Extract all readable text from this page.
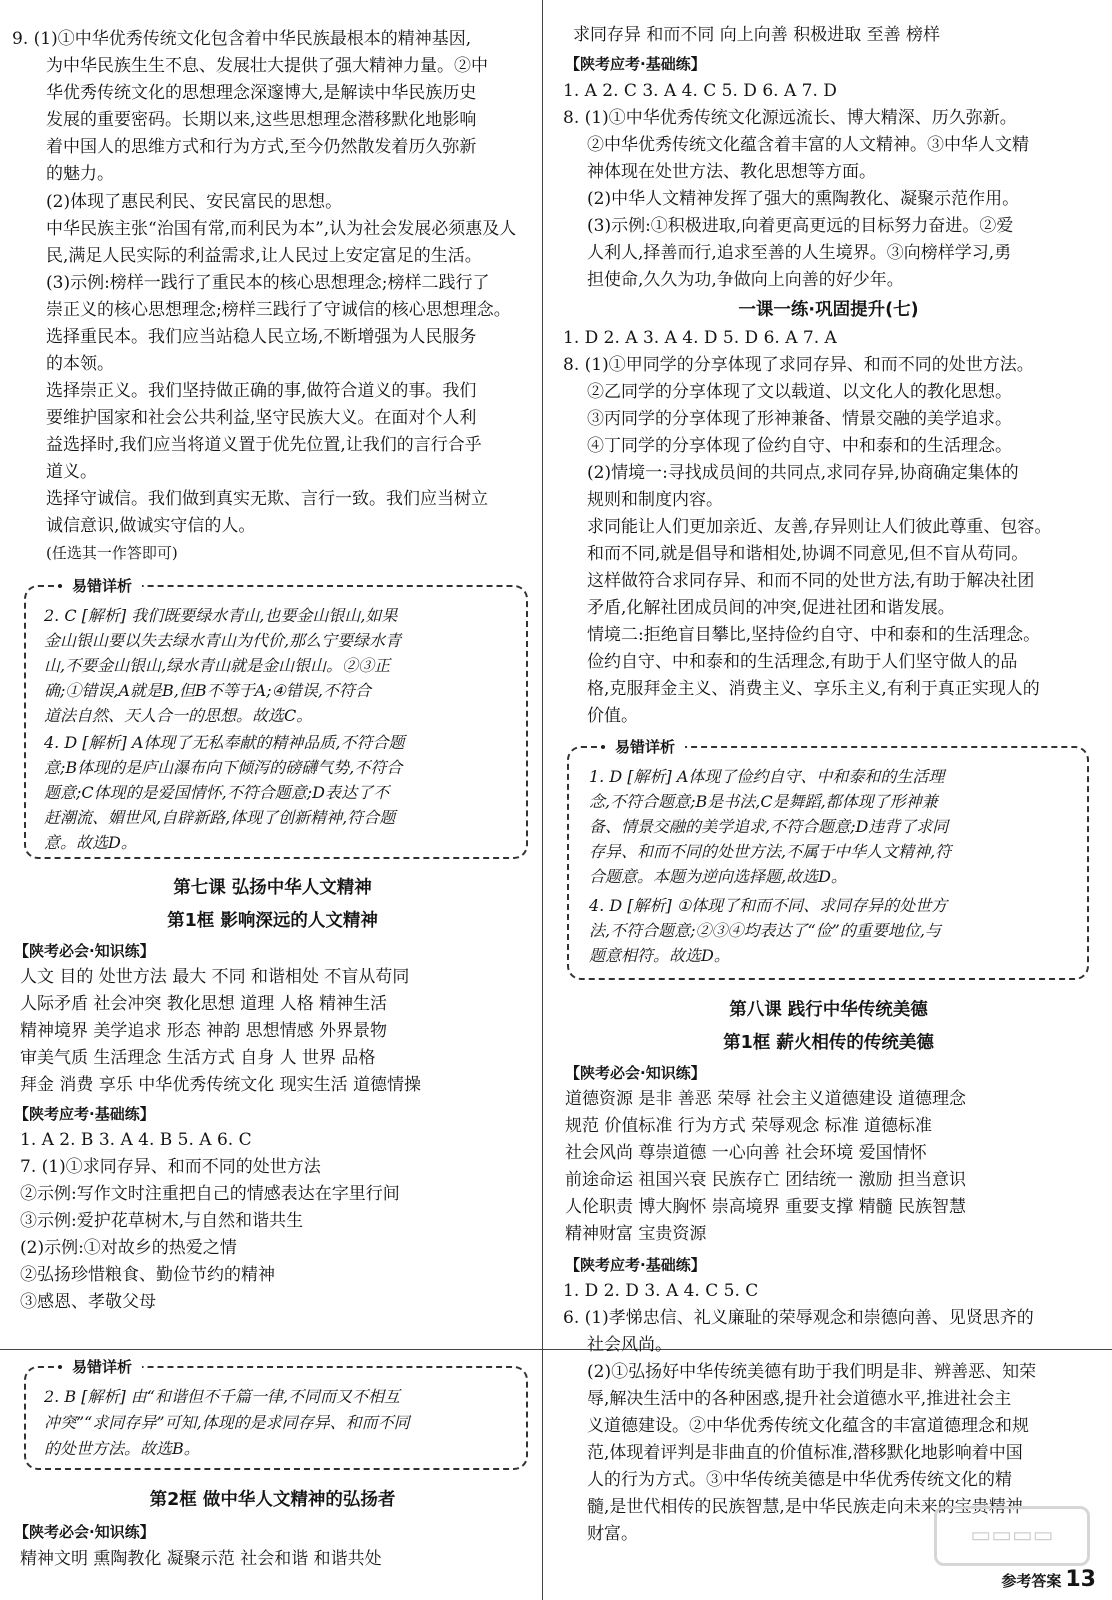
9. (1)①中华优秀传统文化包含着中华民族最根本的精神基因,
为中华民族生生不息、发展壮大提供了强大精神力量。②中
华优秀传统文化的思想理念深邃博大,是解读中华民族历史
发展的重要密码。长期以来,这些思想理念潜移默化地影响
着中国人的思维方式和行为方式,至今仍然散发着历久弥新
的魅力。
(2)体现了惠民利民、安民富民的思想。
中华民族主张“治国有常,而利民为本”,认为社会发展必须惠及人
民,满足人民实际的利益需求,让人民过上安定富足的生活。
(3)示例:榜样一践行了重民本的核心思想理念;榜样二践行了
崇正义的核心思想理念;榜样三践行了守诚信的核心思想理念。
选择重民本。我们应当站稳人民立场,不断增强为人民服务
的本领。
选择崇正义。我们坚持做正确的事,做符合道义的事。我们
要维护国家和社会公共利益,坚守民族大义。在面对个人利
益选择时,我们应当将道义置于优先位置,让我们的言行合乎
道义。
选择守诚信。我们做到真实无欺、言行一致。我们应当树立
诚信意识,做诚实守信的人。
(任选其一作答即可)
易错详析
2. C [解析] 我们既要绿水青山,也要金山银山,如果
金山银山要以失去绿水青山为代价,那么宁要绿水青
山,不要金山银山,绿水青山就是金山银山。②③正
确;①错误,A就是B,但B不等于A;④错误,不符合
道法自然、天人合一的思想。故选C。
4. D [解析] A体现了无私奉献的精神品质,不符合题
意;B体现的是庐山瀑布向下倾泻的磅礴气势,不符合
题意;C体现的是爱国情怀,不符合题意;D表达了不
赶潮流、媚世风,自辟新路,体现了创新精神,符合题
意。故选D。
第七课 弘扬中华人文精神
第1框 影响深远的人文精神
【陕考必会·知识练】
人文 目的 处世方法 最大 不同 和谐相处 不盲从苟同
人际矛盾 社会冲突 教化思想 道理 人格 精神生活
精神境界 美学追求 形态 神韵 思想情感 外界景物
审美气质 生活理念 生活方式 自身 人 世界 品格
拜金 消费 享乐 中华优秀传统文化 现实生活 道德情操
【陕考应考·基础练】
1. A 2. B 3. A 4. B 5. A 6. C
7. (1)①求同存异、和而不同的处世方法
②示例:写作文时注重把自己的情感表达在字里行间
③示例:爱护花草树木,与自然和谐共生
(2)示例:①对故乡的热爱之情
②弘扬珍惜粮食、勤俭节约的精神
③感恩、孝敬父母
易错详析
2. B [解析] 由“和谐但不千篇一律,不同而又不相互
冲突”“求同存异”可知,体现的是求同存异、和而不同
的处世方法。故选B。
第2框 做中华人文精神的弘扬者
【陕考必会·知识练】
精神文明 熏陶教化 凝聚示范 社会和谐 和谐共处
求同存异 和而不同 向上向善 积极进取 至善 榜样
【陕考应考·基础练】
1. A 2. C 3. A 4. C 5. D 6. A 7. D
8. (1)①中华优秀传统文化源远流长、博大精深、历久弥新。
②中华优秀传统文化蕴含着丰富的人文精神。③中华人文精
神体现在处世方法、教化思想等方面。
(2)中华人文精神发挥了强大的熏陶教化、凝聚示范作用。
(3)示例:①积极进取,向着更高更远的目标努力奋进。②爱
人利人,择善而行,追求至善的人生境界。③向榜样学习,勇
担使命,久久为功,争做向上向善的好少年。
一课一练·巩固提升(七)
1. D 2. A 3. A 4. D 5. D 6. A 7. A
8. (1)①甲同学的分享体现了求同存异、和而不同的处世方法。
②乙同学的分享体现了文以载道、以文化人的教化思想。
③丙同学的分享体现了形神兼备、情景交融的美学追求。
④丁同学的分享体现了俭约自守、中和泰和的生活理念。
(2)情境一:寻找成员间的共同点,求同存异,协商确定集体的
规则和制度内容。
求同能让人们更加亲近、友善,存异则让人们彼此尊重、包容。
和而不同,就是倡导和谐相处,协调不同意见,但不盲从苟同。
这样做符合求同存异、和而不同的处世方法,有助于解决社团
矛盾,化解社团成员间的冲突,促进社团和谐发展。
情境二:拒绝盲目攀比,坚持俭约自守、中和泰和的生活理念。
俭约自守、中和泰和的生活理念,有助于人们坚守做人的品
格,克服拜金主义、消费主义、享乐主义,有利于真正实现人的
价值。
易错详析
1. D [解析] A体现了俭约自守、中和泰和的生活理
念,不符合题意;B是书法,C是舞蹈,都体现了形神兼
备、情景交融的美学追求,不符合题意;D违背了求同
存异、和而不同的处世方法,不属于中华人文精神,符
合题意。本题为逆向选择题,故选D。
4. D [解析] ①体现了和而不同、求同存异的处世方
法,不符合题意;②③④均表达了“俭”的重要地位,与
题意相符。故选D。
第八课 践行中华传统美德
第1框 薪火相传的传统美德
【陕考必会·知识练】
道德资源 是非 善恶 荣辱 社会主义道德建设 道德理念
规范 价值标准 行为方式 荣辱观念 标准 道德标准
社会风尚 尊崇道德 一心向善 社会环境 爱国情怀
前途命运 祖国兴衰 民族存亡 团结统一 激励 担当意识
人伦职责 博大胸怀 崇高境界 重要支撑 精髓 民族智慧
精神财富 宝贵资源
【陕考应考·基础练】
1. D 2. D 3. A 4. C 5. C
6. (1)孝悌忠信、礼义廉耻的荣辱观念和崇德向善、见贤思齐的
社会风尚。
(2)①弘扬好中华传统美德有助于我们明是非、辨善恶、知荣
辱,解决生活中的各种困惑,提升社会道德水平,推进社会主
义道德建设。②中华优秀传统文化蕴含的丰富道德理念和规
范,体现着评判是非曲直的价值标准,潜移默化地影响着中国
人的行为方式。③中华传统美德是中华优秀传统文化的精
髓,是世代相传的民族智慧,是中华民族走向未来的宝贵精神
财富。	▭▭▭▭
参考答案 13
